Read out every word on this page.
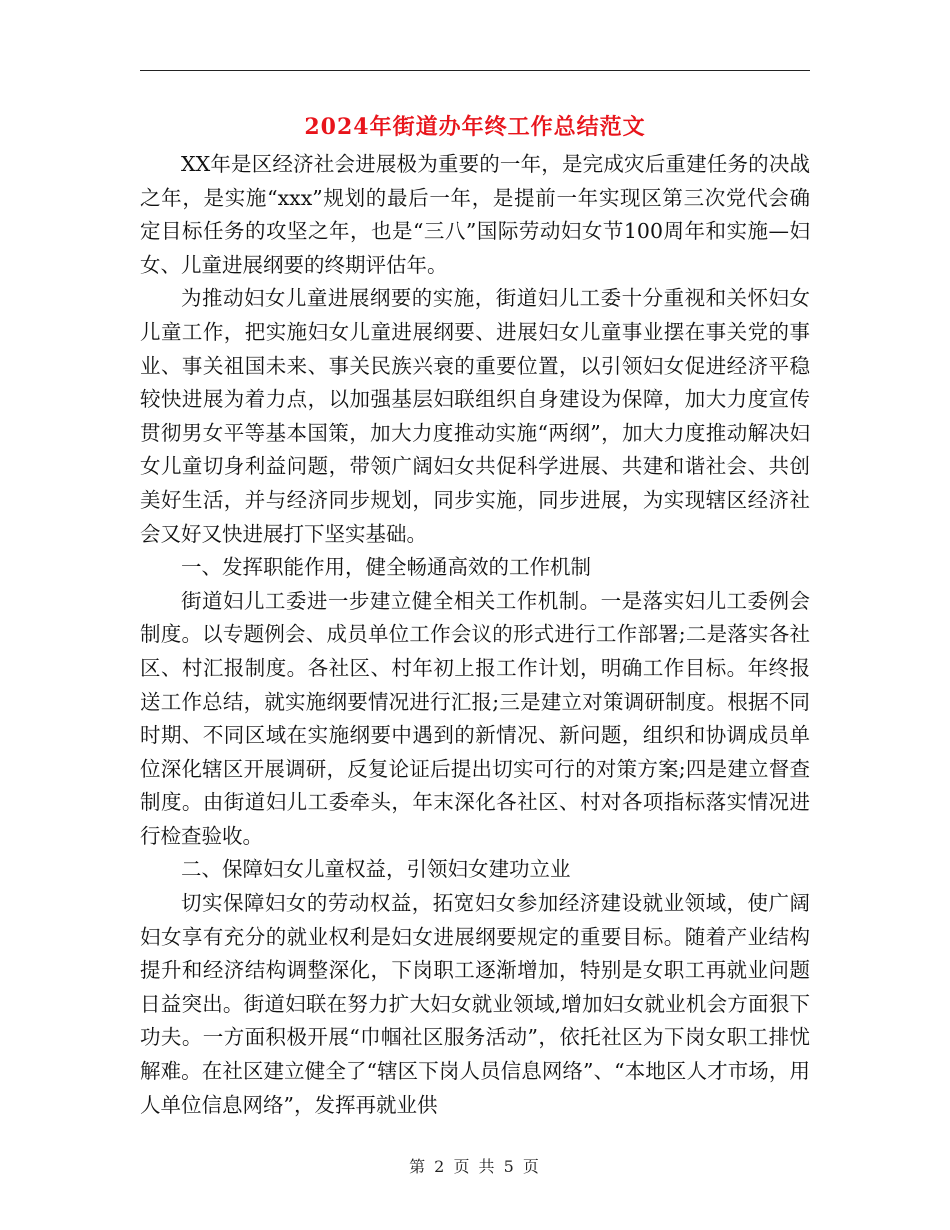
2024年街道办年终工作总结范文

XX年是区经济社会进展极为重要的一年，是完成灾后重建任务的决战之年，是实施“xxx”规划的最后一年，是提前一年实现区第三次党代会确定目标任务的攻坚之年，也是“三八”国际劳动妇女节100周年和实施—妇女、儿童进展纲要的终期评估年。

为推动妇女儿童进展纲要的实施，街道妇儿工委十分重视和关怀妇女儿童工作，把实施妇女儿童进展纲要、进展妇女儿童事业摆在事关党的事业、事关祖国未来、事关民族兴衰的重要位置，以引领妇女促进经济平稳较快进展为着力点，以加强基层妇联组织自身建设为保障，加大力度宣传贯彻男女平等基本国策，加大力度推动实施“两纲”，加大力度推动解决妇女儿童切身利益问题，带领广阔妇女共促科学进展、共建和谐社会、共创美好生活，并与经济同步规划，同步实施，同步进展，为实现辖区经济社会又好又快进展打下坚实基础。

一、发挥职能作用，健全畅通高效的工作机制

街道妇儿工委进一步建立健全相关工作机制。一是落实妇儿工委例会制度。以专题例会、成员单位工作会议的形式进行工作部署;二是落实各社区、村汇报制度。各社区、村年初上报工作计划，明确工作目标。年终报送工作总结，就实施纲要情况进行汇报;三是建立对策调研制度。根据不同时期、不同区域在实施纲要中遇到的新情况、新问题，组织和协调成员单位深化辖区开展调研，反复论证后提出切实可行的对策方案;四是建立督查制度。由街道妇儿工委牵头，年末深化各社区、村对各项指标落实情况进行检查验收。

二、保障妇女儿童权益，引领妇女建功立业

切实保障妇女的劳动权益，拓宽妇女参加经济建设就业领域，使广阔妇女享有充分的就业权利是妇女进展纲要规定的重要目标。随着产业结构提升和经济结构调整深化，下岗职工逐渐增加，特别是女职工再就业问题日益突出。街道妇联在努力扩大妇女就业领域,增加妇女就业机会方面狠下功夫。一方面积极开展“巾帼社区服务活动”，依托社区为下岗女职工排忧解难。在社区建立健全了“辖区下岗人员信息网络”、“本地区人才市场，用人单位信息网络”，发挥再就业供

第 2 页 共 5 页
